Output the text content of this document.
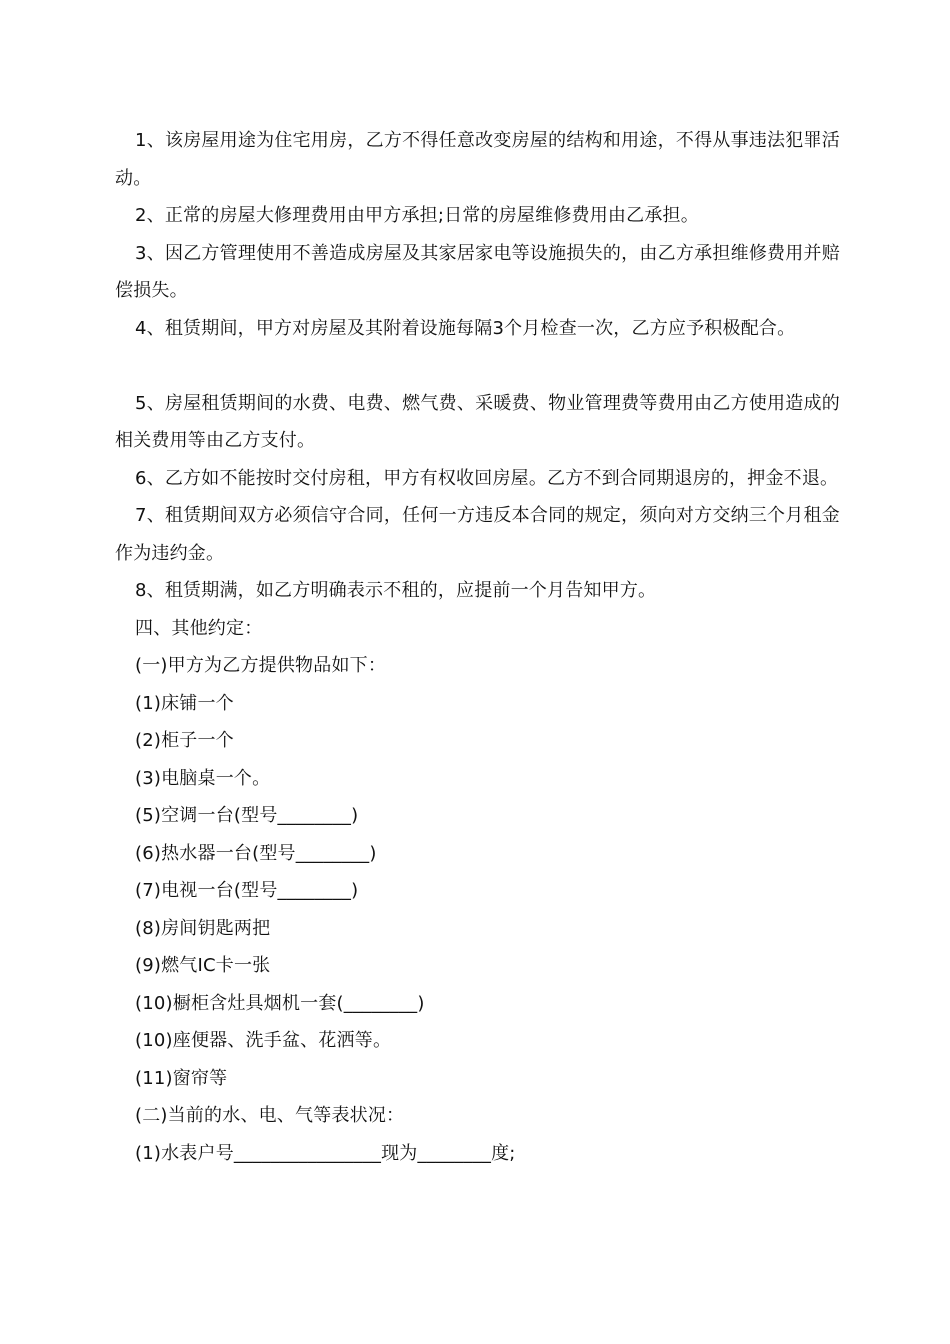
1、该房屋用途为住宅用房，乙方不得任意改变房屋的结构和用途，不得从事违法犯罪活动。

2、正常的房屋大修理费用由甲方承担;日常的房屋维修费用由乙承担。

3、因乙方管理使用不善造成房屋及其家居家电等设施损失的，由乙方承担维修费用并赔偿损失。

4、租赁期间，甲方对房屋及其附着设施每隔3个月检查一次，乙方应予积极配合。

5、房屋租赁期间的水费、电费、燃气费、采暖费、物业管理费等费用由乙方使用造成的相关费用等由乙方支付。

6、乙方如不能按时交付房租，甲方有权收回房屋。乙方不到合同期退房的，押金不退。

7、租赁期间双方必须信守合同，任何一方违反本合同的规定，须向对方交纳三个月租金作为违约金。

8、租赁期满，如乙方明确表示不租的，应提前一个月告知甲方。

四、其他约定：

(一)甲方为乙方提供物品如下：

(1)床铺一个

(2)柜子一个

(3)电脑桌一个。

(5)空调一台(型号________)

(6)热水器一台(型号________)

(7)电视一台(型号________)

(8)房间钥匙两把

(9)燃气IC卡一张

(10)橱柜含灶具烟机一套(________)

(10)座便器、洗手盆、花洒等。

(11)窗帘等

(二)当前的水、电、气等表状况：

(1)水表户号________________现为________度;
